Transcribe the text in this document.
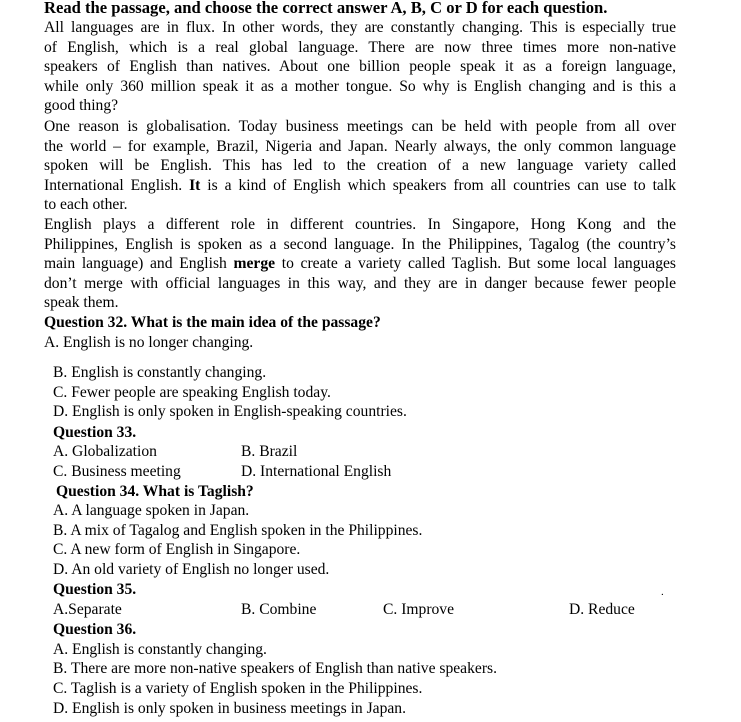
Read the passage, and choose the correct answer A, B, C or D for each question.
All languages are in flux. In other words, they are constantly changing. This is especially true
of English, which is a real global language. There are now three times more non-native
speakers of English than natives. About one billion people speak it as a foreign language,
while only 360 million speak it as a mother tongue. So why is English changing and is this a
good thing?
One reason is globalisation. Today business meetings can be held with people from all over
the world – for example, Brazil, Nigeria and Japan. Nearly always, the only common language
spoken will be English. This has led to the creation of a new language variety called
International English. It is a kind of English which speakers from all countries can use to talk
to each other.
English plays a different role in different countries. In Singapore, Hong Kong and the
Philippines, English is spoken as a second language. In the Philippines, Tagalog (the country’s
main language) and English merge to create a variety called Taglish. But some local languages
don’t merge with official languages in this way, and they are in danger because fewer people
speak them.
Question 32. What is the main idea of the passage?
A. English is no longer changing.
B. English is constantly changing.
C. Fewer people are speaking English today.
D. English is only spoken in English-speaking countries.
Question 33.
A. Globalization	B. Brazil
C. Business meeting	D. International English
Question 34. What is Taglish?
A. A language spoken in Japan.
B. A mix of Tagalog and English spoken in the Philippines.
C. A new form of English in Singapore.
D. An old variety of English no longer used.
Question 35.
A.Separate	B. Combine	C. Improve	D. Reduce
.
Question 36.
A. English is constantly changing.
B. There are more non-native speakers of English than native speakers.
C. Taglish is a variety of English spoken in the Philippines.
D. English is only spoken in business meetings in Japan.
